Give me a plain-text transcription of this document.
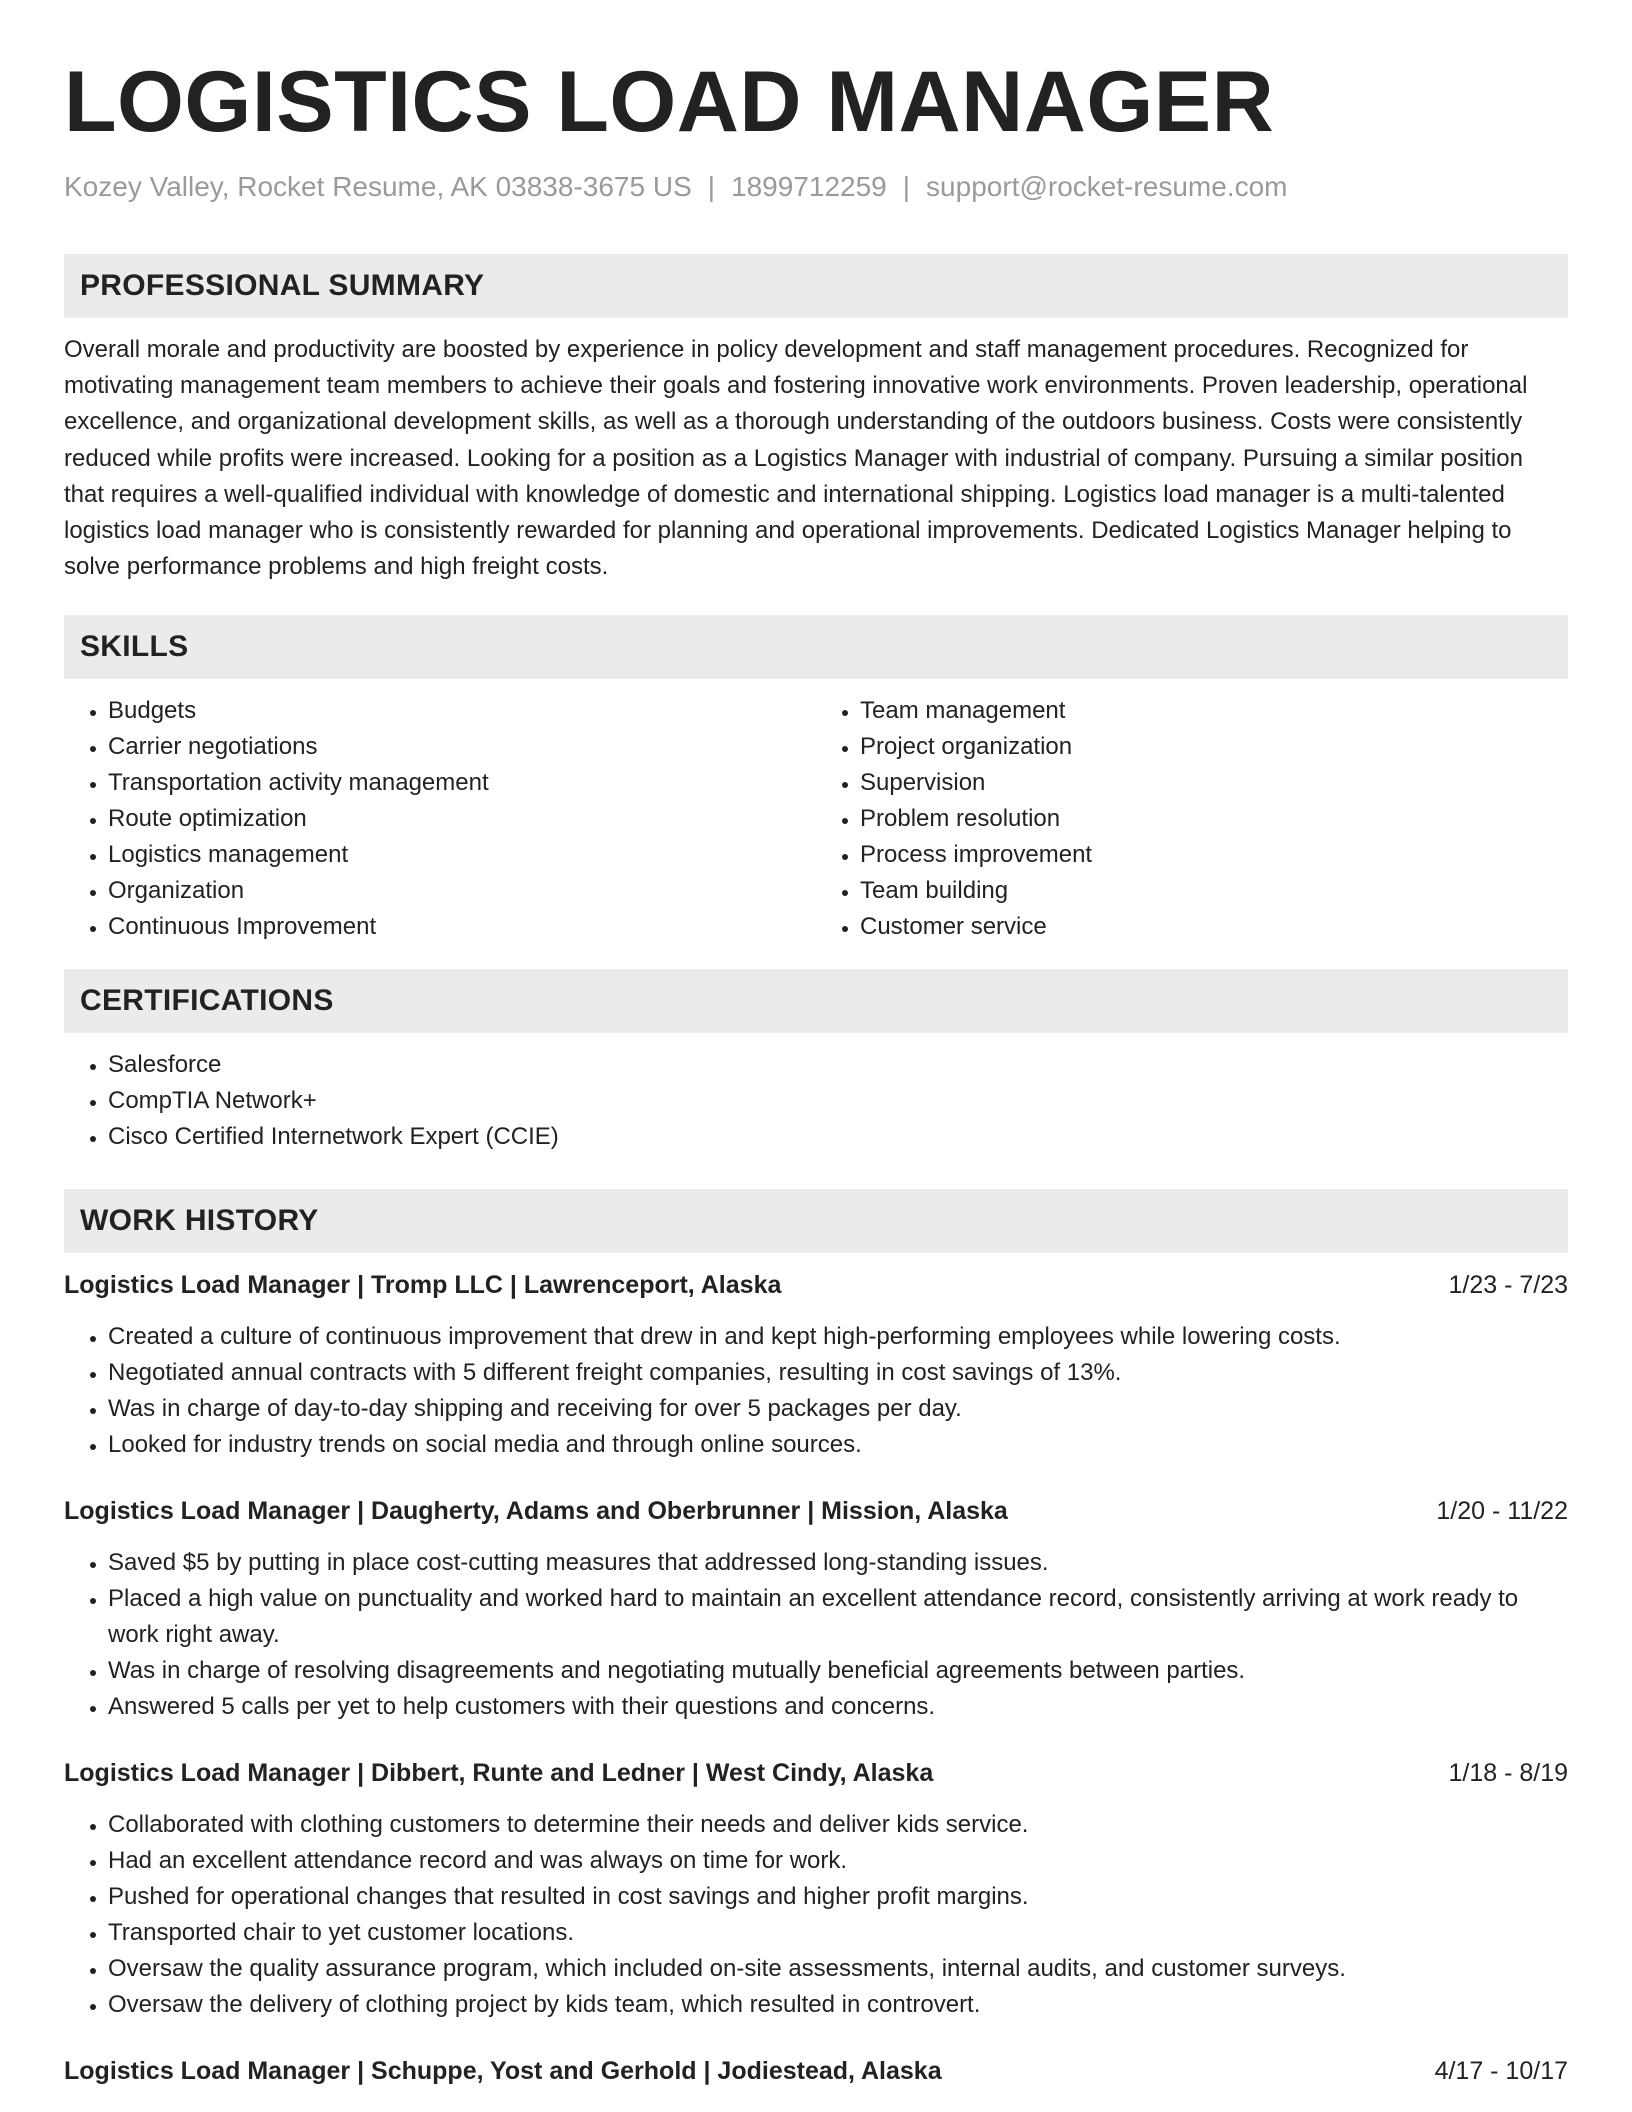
LOGISTICS LOAD MANAGER
Kozey Valley, Rocket Resume, AK 03838-3675 US | 1899712259 | support@rocket-resume.com
PROFESSIONAL SUMMARY

Overall morale and productivity are boosted by experience in policy development and staff management procedures. Recognized for motivating management team members to achieve their goals and fostering innovative work environments. Proven leadership, operational excellence, and organizational development skills, as well as a thorough understanding of the outdoors business. Costs were consistently reduced while profits were increased. Looking for a position as a Logistics Manager with industrial of company. Pursuing a similar position that requires a well-qualified individual with knowledge of domestic and international shipping. Logistics load manager is a multi-talented logistics load manager who is consistently rewarded for planning and operational improvements. Dedicated Logistics Manager helping to solve performance problems and high freight costs.

SKILLS
• Budgets
• Carrier negotiations
• Transportation activity management
• Route optimization
• Logistics management
• Organization
• Continuous Improvement
• Team management
• Project organization
• Supervision
• Problem resolution
• Process improvement
• Team building
• Customer service
CERTIFICATIONS
• Salesforce
• CompTIA Network+
• Cisco Certified Internetwork Expert (CCIE)
WORK HISTORY
Logistics Load Manager | Tromp LLC | Lawrenceport, Alaska	1/23 - 7/23
• Created a culture of continuous improvement that drew in and kept high-performing employees while lowering costs.
• Negotiated annual contracts with 5 different freight companies, resulting in cost savings of 13%.
• Was in charge of day-to-day shipping and receiving for over 5 packages per day.
• Looked for industry trends on social media and through online sources.
Logistics Load Manager | Daugherty, Adams and Oberbrunner | Mission, Alaska	1/20 - 11/22
• Saved $5 by putting in place cost-cutting measures that addressed long-standing issues.
• Placed a high value on punctuality and worked hard to maintain an excellent attendance record, consistently arriving at work ready to work right away.
• Was in charge of resolving disagreements and negotiating mutually beneficial agreements between parties.
• Answered 5 calls per yet to help customers with their questions and concerns.
Logistics Load Manager | Dibbert, Runte and Ledner | West Cindy, Alaska	1/18 - 8/19
• Collaborated with clothing customers to determine their needs and deliver kids service.
• Had an excellent attendance record and was always on time for work.
• Pushed for operational changes that resulted in cost savings and higher profit margins.
• Transported chair to yet customer locations.
• Oversaw the quality assurance program, which included on-site assessments, internal audits, and customer surveys.
• Oversaw the delivery of clothing project by kids team, which resulted in controvert.
Logistics Load Manager | Schuppe, Yost and Gerhold | Jodiestead, Alaska	4/17 - 10/17
